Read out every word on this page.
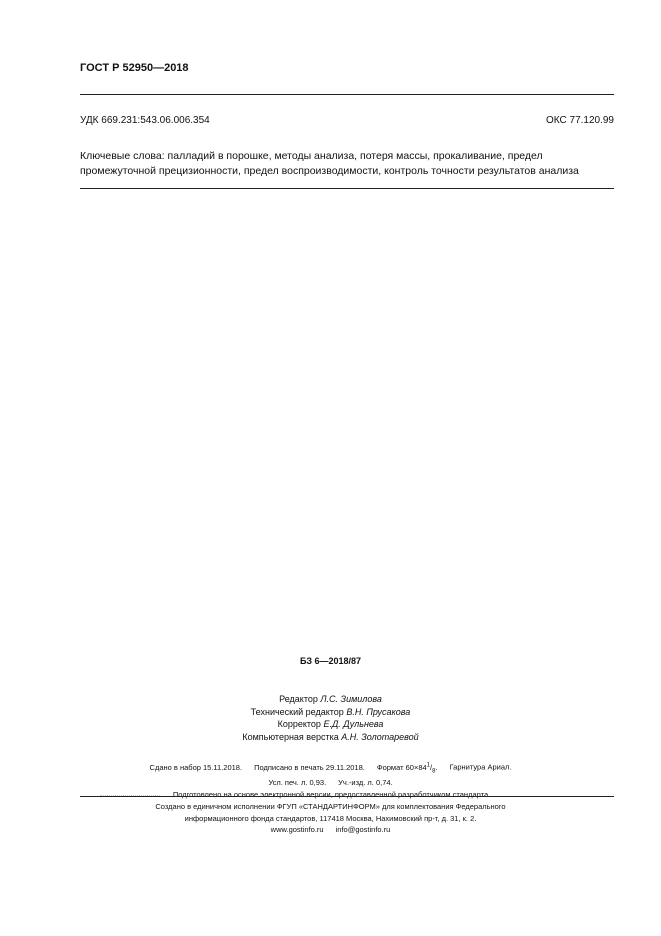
ГОСТ Р 52950—2018
УДК 669.231:543.06.006.354	ОКС 77.120.99
Ключевые слова: палладий в порошке, методы анализа, потеря массы, прокаливание, предел
промежуточной прецизионности, предел воспроизводимости, контроль точности результатов анализа
БЗ 6—2018/87
Редактор Л.С. Зимилова
Технический редактор В.Н. Прусакова
Корректор Е.Д. Дульнева
Компьютерная верстка А.Н. Золотаревой
Сдано в набор 15.11.2018. Подписано в печать 29.11.2018. Формат $60\times 84^1/_8$. Гарнитура Ариал.
Усл. печ. л. 0,93. Уч.-изд. л. 0,74.
Подготовлено на основе электронной версии, предоставленной разработчиком стандарта
Создано в единичном исполнении ФГУП «СТАНДАРТИНФОРМ» для комплектования Федерального
информационного фонда стандартов, 117418 Москва, Нахимовский пр-т, д. 31, к. 2.
www.gostinfo.ru info@gostinfo.ru
